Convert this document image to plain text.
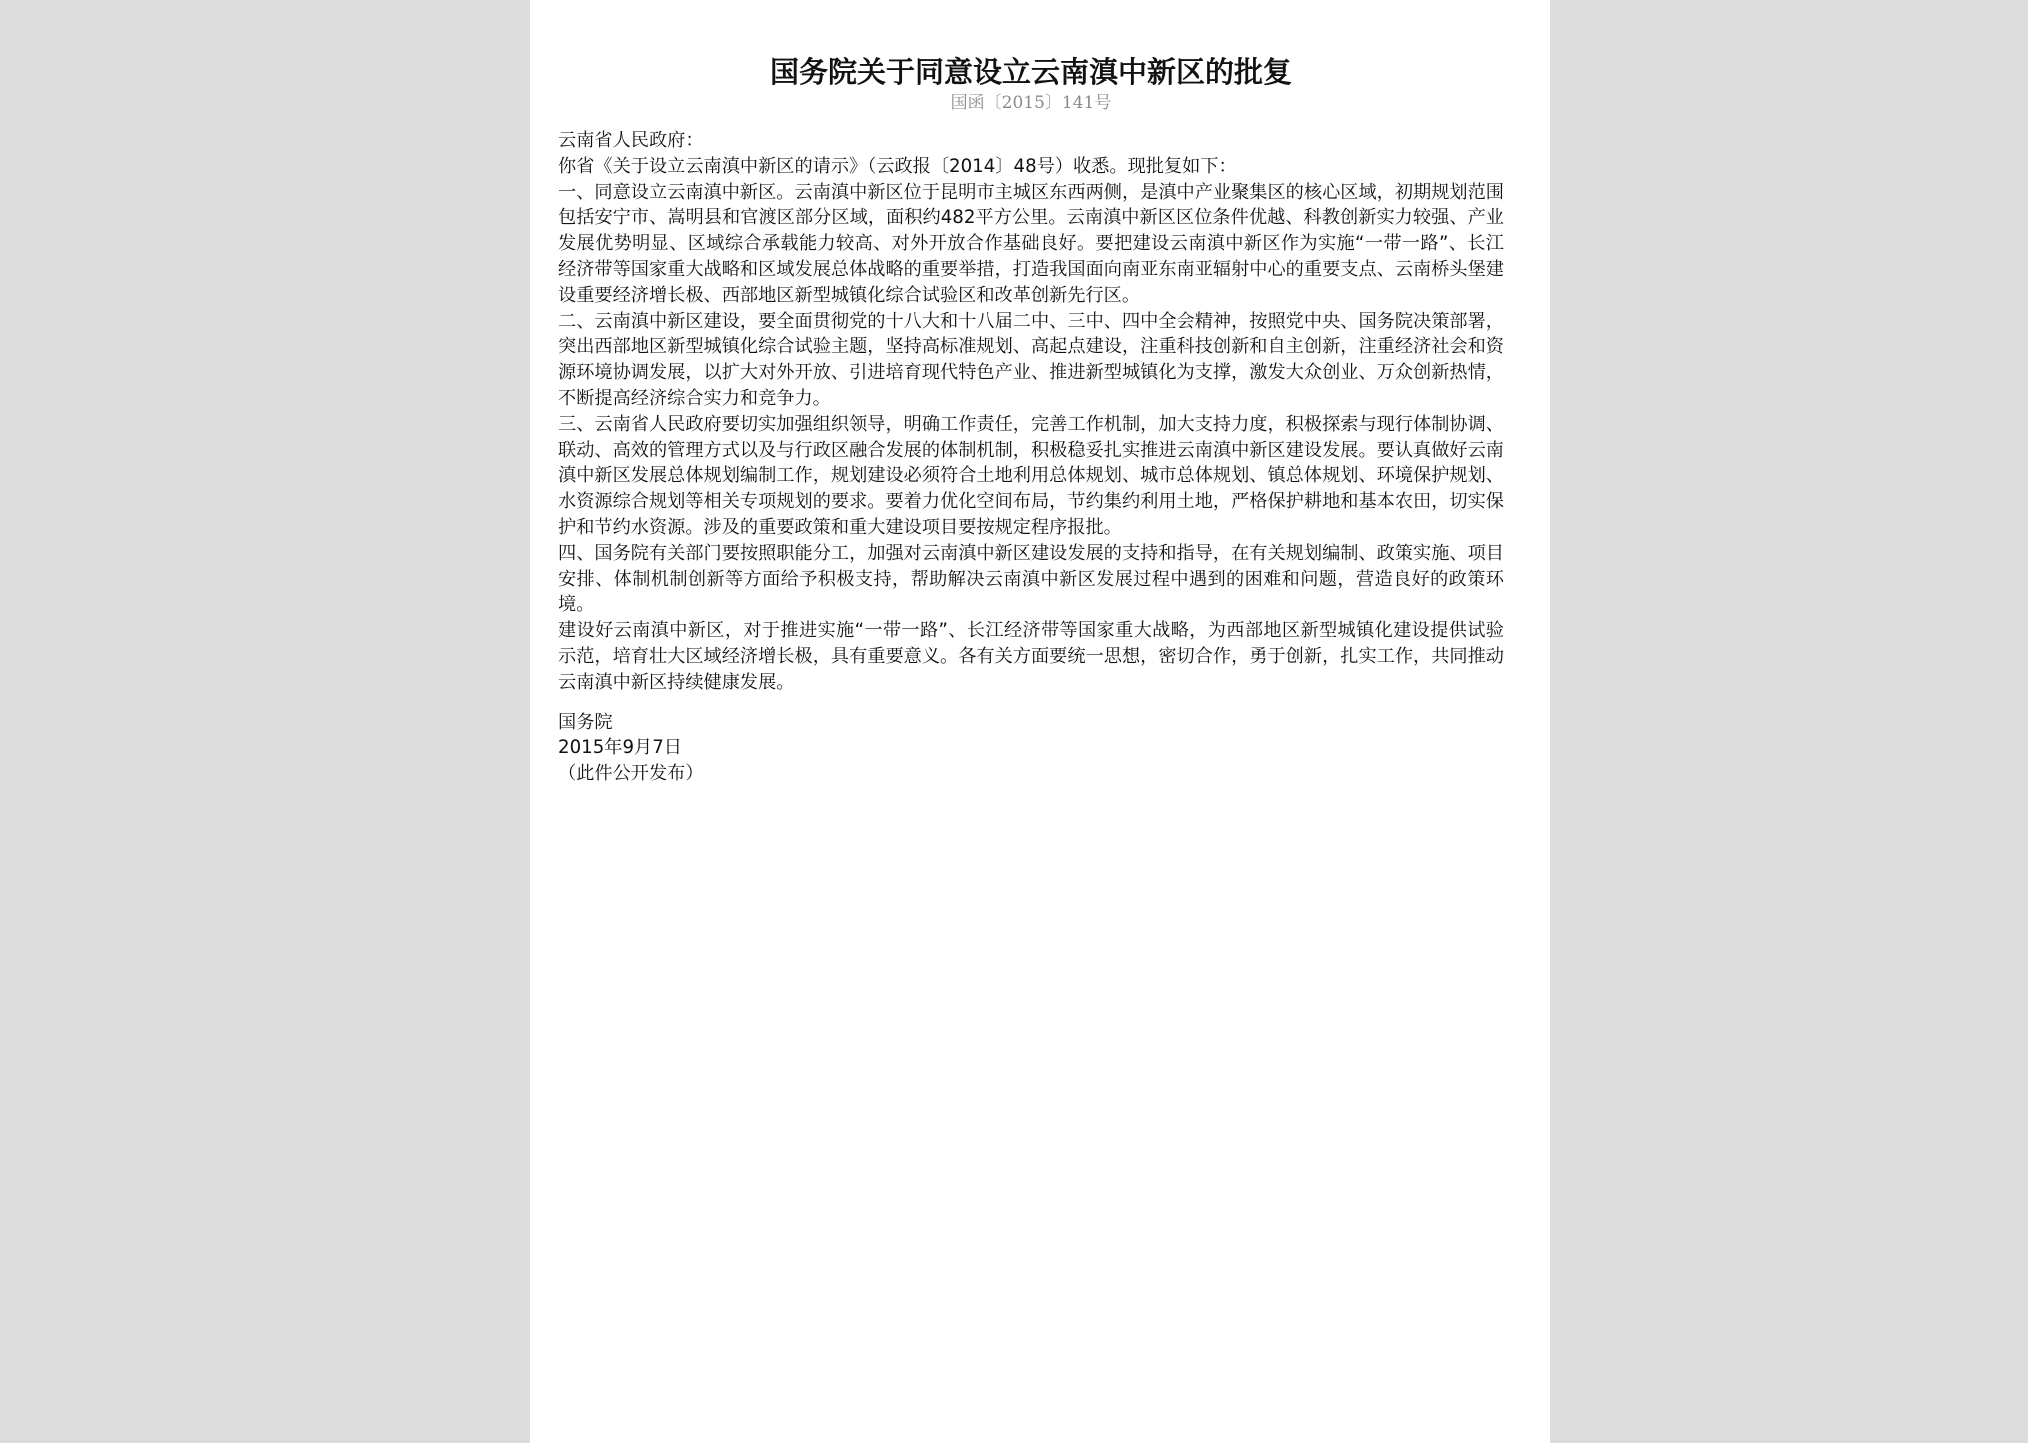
国务院关于同意设立云南滇中新区的批复
国函〔2015〕141号

云南省人民政府：

你省《关于设立云南滇中新区的请示》（云政报〔2014〕48号）收悉。现批复如下：

一、同意设立云南滇中新区。云南滇中新区位于昆明市主城区东西两侧，是滇中产业聚集区的核心区域，初期规划范围包括安宁市、嵩明县和官渡区部分区域，面积约482平方公里。云南滇中新区区位条件优越、科教创新实力较强、产业发展优势明显、区域综合承载能力较高、对外开放合作基础良好。要把建设云南滇中新区作为实施“一带一路”、长江经济带等国家重大战略和区域发展总体战略的重要举措，打造我国面向南亚东南亚辐射中心的重要支点、云南桥头堡建设重要经济增长极、西部地区新型城镇化综合试验区和改革创新先行区。

二、云南滇中新区建设，要全面贯彻党的十八大和十八届二中、三中、四中全会精神，按照党中央、国务院决策部署，突出西部地区新型城镇化综合试验主题，坚持高标准规划、高起点建设，注重科技创新和自主创新，注重经济社会和资源环境协调发展，以扩大对外开放、引进培育现代特色产业、推进新型城镇化为支撑，激发大众创业、万众创新热情，不断提高经济综合实力和竞争力。

三、云南省人民政府要切实加强组织领导，明确工作责任，完善工作机制，加大支持力度，积极探索与现行体制协调、联动、高效的管理方式以及与行政区融合发展的体制机制，积极稳妥扎实推进云南滇中新区建设发展。要认真做好云南滇中新区发展总体规划编制工作，规划建设必须符合土地利用总体规划、城市总体规划、镇总体规划、环境保护规划、水资源综合规划等相关专项规划的要求。要着力优化空间布局，节约集约利用土地，严格保护耕地和基本农田，切实保护和节约水资源。涉及的重要政策和重大建设项目要按规定程序报批。

四、国务院有关部门要按照职能分工，加强对云南滇中新区建设发展的支持和指导，在有关规划编制、政策实施、项目安排、体制机制创新等方面给予积极支持，帮助解决云南滇中新区发展过程中遇到的困难和问题，营造良好的政策环境。

建设好云南滇中新区，对于推进实施“一带一路”、长江经济带等国家重大战略，为西部地区新型城镇化建设提供试验示范，培育壮大区域经济增长极，具有重要意义。各有关方面要统一思想，密切合作，勇于创新，扎实工作，共同推动云南滇中新区持续健康发展。

国务院
2015年9月7日
（此件公开发布）
